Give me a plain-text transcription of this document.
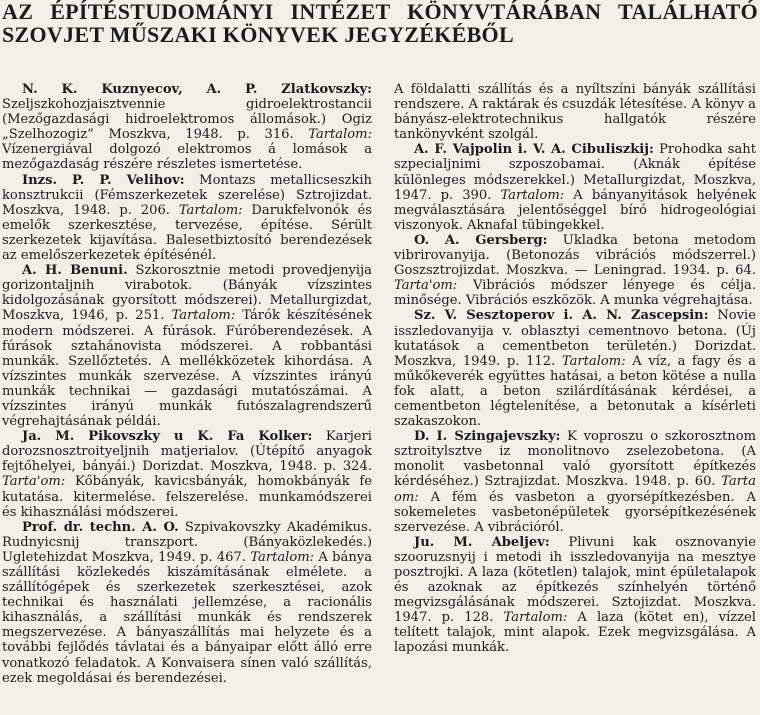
AZ ÉPÍTÉSTUDOMÁNYI INTÉZET KÖNYVTÁRÁBAN TALÁLHATÓ
SZOVJET MŰSZAKI KÖNYVEK JEGYZÉKÉBŐL

N. K. Kuznyecov, A. P. Zlatkovszky: Szeljszkohozjaisztvennie gidroelektrostancii (Mezőgazdasági hidroelektromos állomások.) Ogiz „Szelhozogiz” Moszkva, 1948. p. 316. Tartalom: Vízenergiával dolgozó elektromos á lomások a mezőgazdaság részére részletes ismertetése.

Inzs. P. P. Velihov: Montazs metallicseszkih konsztrukcii (Fémszerkezetek szerelése) Sztrojizdat. Moszkva, 1948. p. 206. Tartalom: Darukfelvonók és emelők szerkesztése, tervezése, építése. Sérült szerkezetek kijavítása. Balesetbiztosító berendezések az emelőszerkezetek építésénél.

A. H. Benuni. Szkorosztnie metodi provedjenyija gorizontaljnih virabotok. (Bányák vízszintes kidolgozásának gyorsított módszerei). Metallurgizdat, Moszkva, 1946, p. 251. Tartalom: Tárók készítésének modern módszerei. A fúrások. Fúróberendezések. A fúrások sztahánovista módszerei. A robbantási munkák. Szellőztetés. A mellékközetek kihordása. A vízszintes munkák szervezése. A vízszintes irányú munkák technikai — gazdasági mutatószámai. A vízszintes irányú munkák futószalagrendszerű végrehajtásának példái.

Ja. M. Pikovszky u K. Fa Kolker: Karjeri dorozsnosztroityeljnih matjerialov. (Útépítő anyagok fejtőhelyei, bányái.) Dorizdat. Moszkva, 1948. p. 324. Tarta'om: Kőbányák, kavicsbányák, homokbányák fe kutatása. kitermelése. felszerelése. munkamódszerei és kihasználási módszerei.

Prof. dr. techn. A. O. Szpivakovszky Akadémikus. Rudnyicsnij transzport. (Bányaközlekedés.) Ugletehizdat Moszkva, 1949. p. 467. Tartalom: A bánya szállítási közlekedés kiszámításának elmélete. a szállítógépek és szerkezetek szerkesztései, azok technikai és használati jellemzése, a racionális kihasználás, a szállítási munkák és rendszerek megszervezése. A bányaszállítás mai helyzete és a további fejlődés távlatai és a bányaipar előtt álló erre vonatkozó feladatok. A Konvaisera sínen való szállítás, ezek megoldásai és berendezései.

A földalatti szállítás és a nyíltszíni bányák szállítási rendszere. A raktárak és csuzdák létesítése. A könyv a bányász-elektrotechnikus hallgatók részére tankönyvként szolgál.

A. F. Vajpolin i. V. A. Cibuliszkij: Prohodka saht szpecialjnimi szposzobamai. (Aknák építése különleges módszerekkel.) Metallurgizdat, Moszkva, 1947. p. 390. Tartalom: A bányanyitások helyének megválasztására jelentőséggel bíró hidrogeológiai viszonyok. Aknafal tübingekkel.

O. A. Gersberg: Ukladka betona metodom vibrirovanyija. (Betonozás vibrációs módszerrel.) Goszsztrojizdat. Moszkva. — Leningrad. 1934. p. 64. Tarta'om: Vibrációs módszer lényege és célja. minősége. Vibrációs eszközök. A munka végrehajtása.

Sz. V. Sesztoperov i. A. N. Zascepsin: Novie isszledovanyija v. oblasztyi cementnovo betona. (Új kutatások a cementbeton területén.) Dorizdat. Moszkva, 1949. p. 112. Tartalom: A víz, a fagy és a műkőkeverék együttes hatásai, a beton kötése a nulla fok alatt, a beton szilárdításának kérdései, a cementbeton légtelenítése, a betonutak a kísérleti szakaszokon.

D. I. Szingajevszky: K voproszu o szkorosztnom sztroitylsztve iz monolitnovo zselezobetona. (A monolit vasbetonnal való gyorsított építkezés kérdéséhez.) Sztrajizdat. Moszkva. 1948. p. 60. Tarta om: A fém és vasbeton a gyorsépítkezésben. A sokemeletes vasbetonépületek gyorsépítkezésének szervezése. A vibrációról.

Ju. M. Abeljev: Plivuni kak osznovanyie szooruzsnyij i metodi ih isszledovanyija na mesztye posztrojki. A laza (kötetlen) talajok, mint épületalapok és azoknak az építkezés színhelyén történő megvizsgálásának módszerei. Sztojizdat. Moszkva. 1947. p. 128. Tartalom: A laza (kötet en), vízzel telített talajok, mint alapok. Ezek megvizsgálása. A lapozási munkák.
